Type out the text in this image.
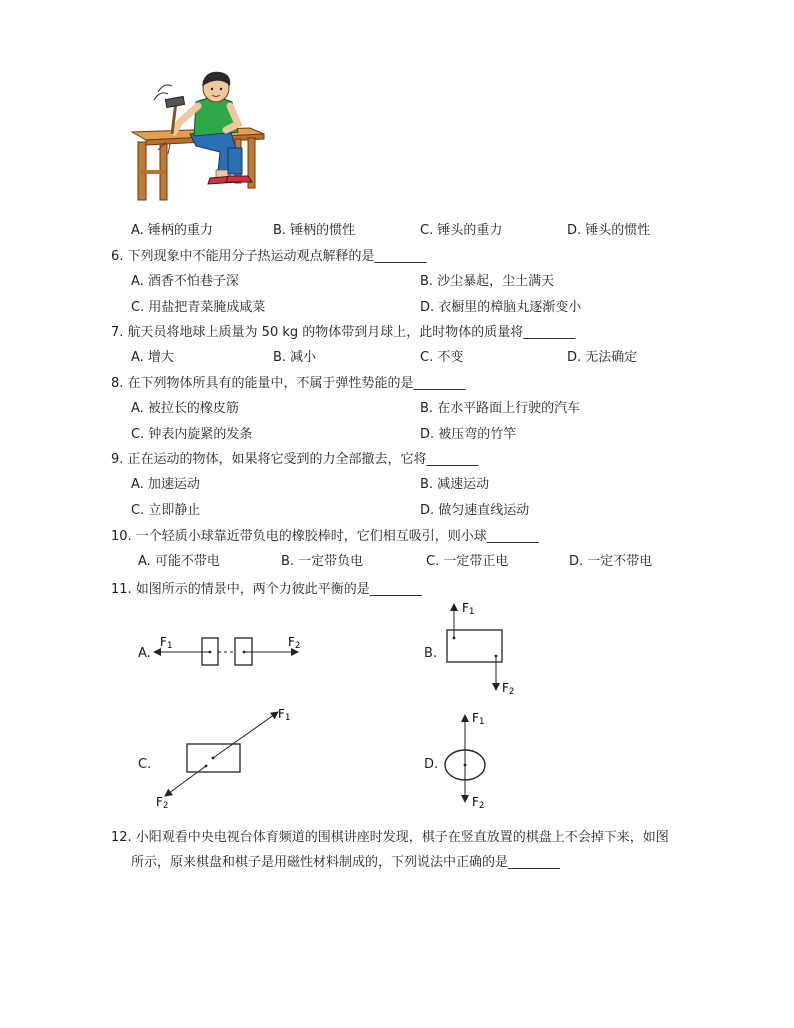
A. 锤柄的重力	B. 锤柄的惯性	C. 锤头的重力	D. 锤头的惯性
6. 下列现象中不能用分子热运动观点解释的是________
A. 酒香不怕巷子深	B. 沙尘暴起，尘土满天
C. 用盐把青菜腌成咸菜	D. 衣橱里的樟脑丸逐渐变小
7. 航天员将地球上质量为 50 kg 的物体带到月球上，此时物体的质量将________
A. 增大	B. 减小	C. 不变	D. 无法确定
8. 在下列物体所具有的能量中，不属于弹性势能的是________
A. 被拉长的橡皮筋	B. 在水平路面上行驶的汽车
C. 钟表内旋紧的发条	D. 被压弯的竹竿
9. 正在运动的物体，如果将它受到的力全部撤去，它将________
A. 加速运动	B. 减速运动
C. 立即静止	D. 做匀速直线运动
10. 一个轻质小球靠近带负电的橡胶棒时，它们相互吸引，则小球________
A. 可能不带电	B. 一定带负电	C. 一定带正电	D. 一定不带电
11. 如图所示的情景中，两个力彼此平衡的是________
A.
F1	F2	B.
F1
F2
C.
F1
F2
D.
F1
F2
12. 小阳观看中央电视台体育频道的围棋讲座时发现，棋子在竖直放置的棋盘上不会掉下来，如图
所示，原来棋盘和棋子是用磁性材料制成的，下列说法中正确的是________
